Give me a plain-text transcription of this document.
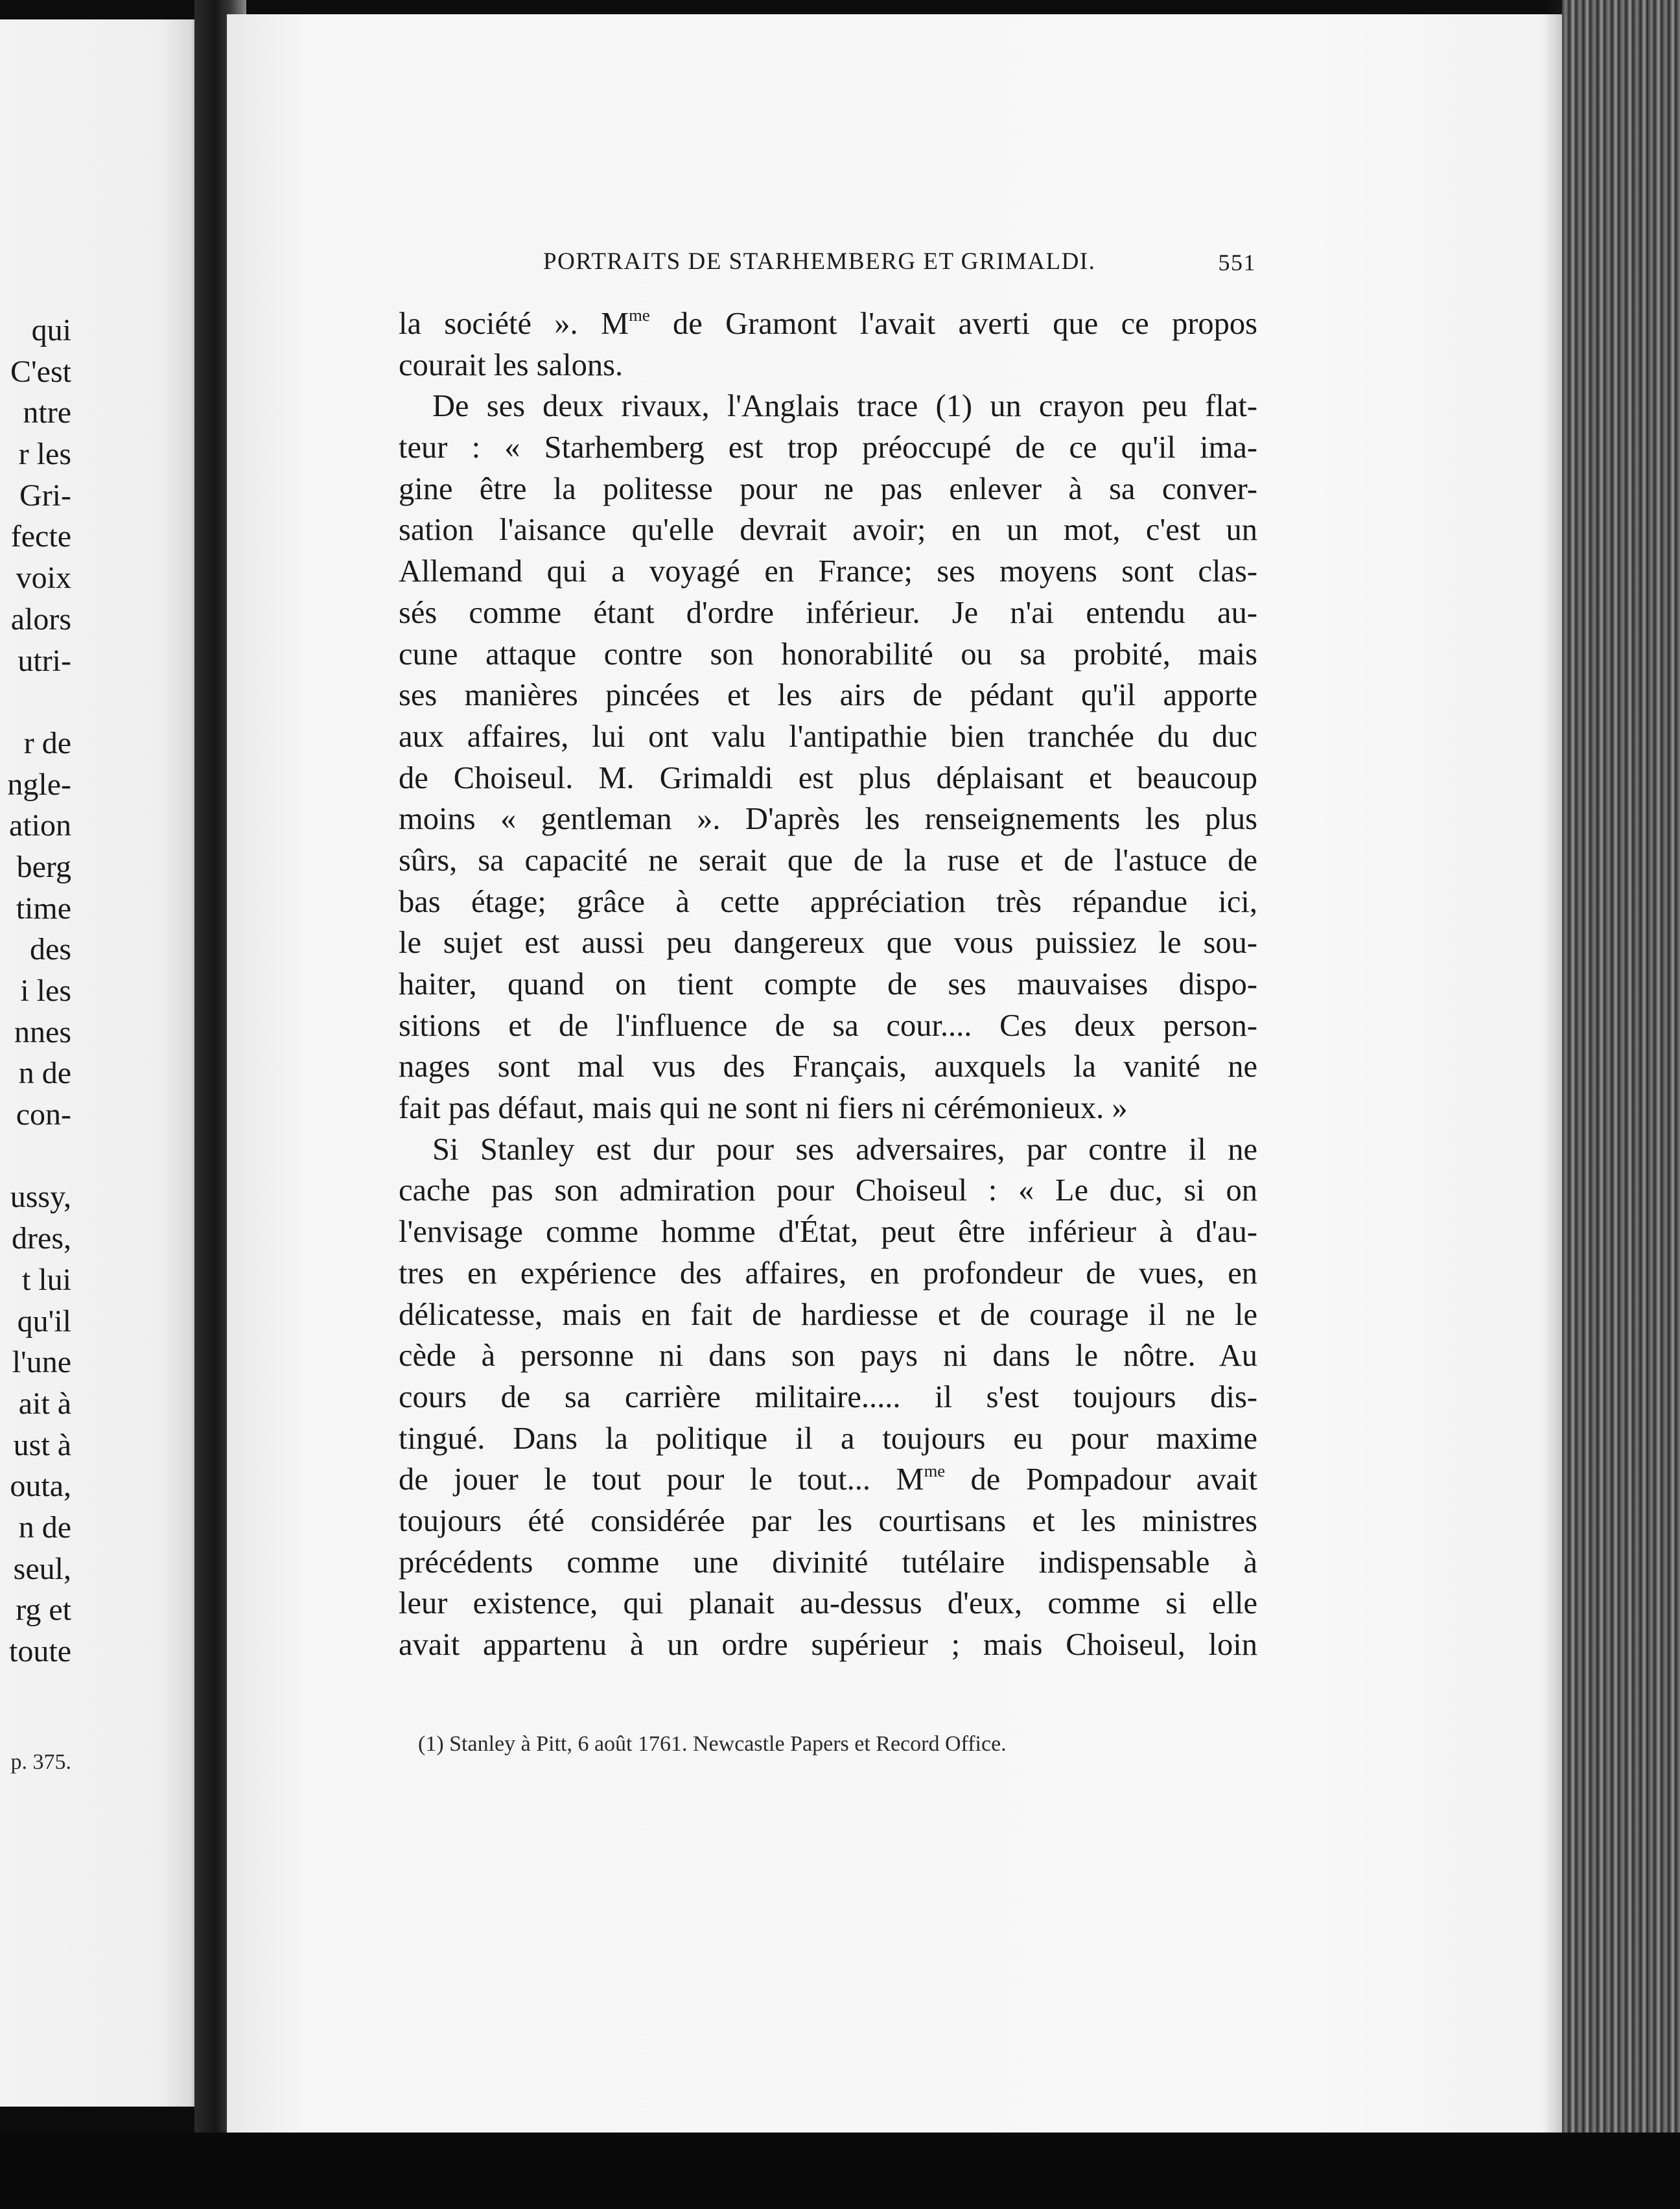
qui
C'est
ntre
r les
Gri-
fecte
voix
alors
utri-
r de
ngle-
ation
berg
time
des
i les
nnes
n de
con-
ussy,
dres,
t lui
qu'il
l'une
ait à
ust à
outa,
n de
seul,
rg et
toute
p. 375.
PORTRAITS DE STARHEMBERG ET GRIMALDI.	551
la société ». $M^{me}$ de Gramont l'avait averti que ce propos
courait les salons.
De ses deux rivaux, l'Anglais trace (1) un crayon peu flat-
teur : « Starhemberg est trop préoccupé de ce qu'il ima-
gine être la politesse pour ne pas enlever à sa conver-
sation l'aisance qu'elle devrait avoir; en un mot, c'est un
Allemand qui a voyagé en France; ses moyens sont clas-
sés comme étant d'ordre inférieur. Je n'ai entendu au-
cune attaque contre son honorabilité ou sa probité, mais
ses manières pincées et les airs de pédant qu'il apporte
aux affaires, lui ont valu l'antipathie bien tranchée du duc
de Choiseul. M. Grimaldi est plus déplaisant et beaucoup
moins « gentleman ». D'après les renseignements les plus
sûrs, sa capacité ne serait que de la ruse et de l'astuce de
bas étage; grâce à cette appréciation très répandue ici,
le sujet est aussi peu dangereux que vous puissiez le sou-
haiter, quand on tient compte de ses mauvaises dispo-
sitions et de l'influence de sa cour.... Ces deux person-
nages sont mal vus des Français, auxquels la vanité ne
fait pas défaut, mais qui ne sont ni fiers ni cérémonieux. »
Si Stanley est dur pour ses adversaires, par contre il ne
cache pas son admiration pour Choiseul : « Le duc, si on
l'envisage comme homme d'État, peut être inférieur à d'au-
tres en expérience des affaires, en profondeur de vues, en
délicatesse, mais en fait de hardiesse et de courage il ne le
cède à personne ni dans son pays ni dans le nôtre. Au
cours de sa carrière militaire..... il s'est toujours dis-
tingué. Dans la politique il a toujours eu pour maxime
de jouer le tout pour le tout... $M^{me}$ de Pompadour avait
toujours été considérée par les courtisans et les ministres
précédents comme une divinité tutélaire indispensable à
leur existence, qui planait au-dessus d'eux, comme si elle
avait appartenu à un ordre supérieur ; mais Choiseul, loin
(1) Stanley à Pitt, 6 août 1761. Newcastle Papers et Record Office.
